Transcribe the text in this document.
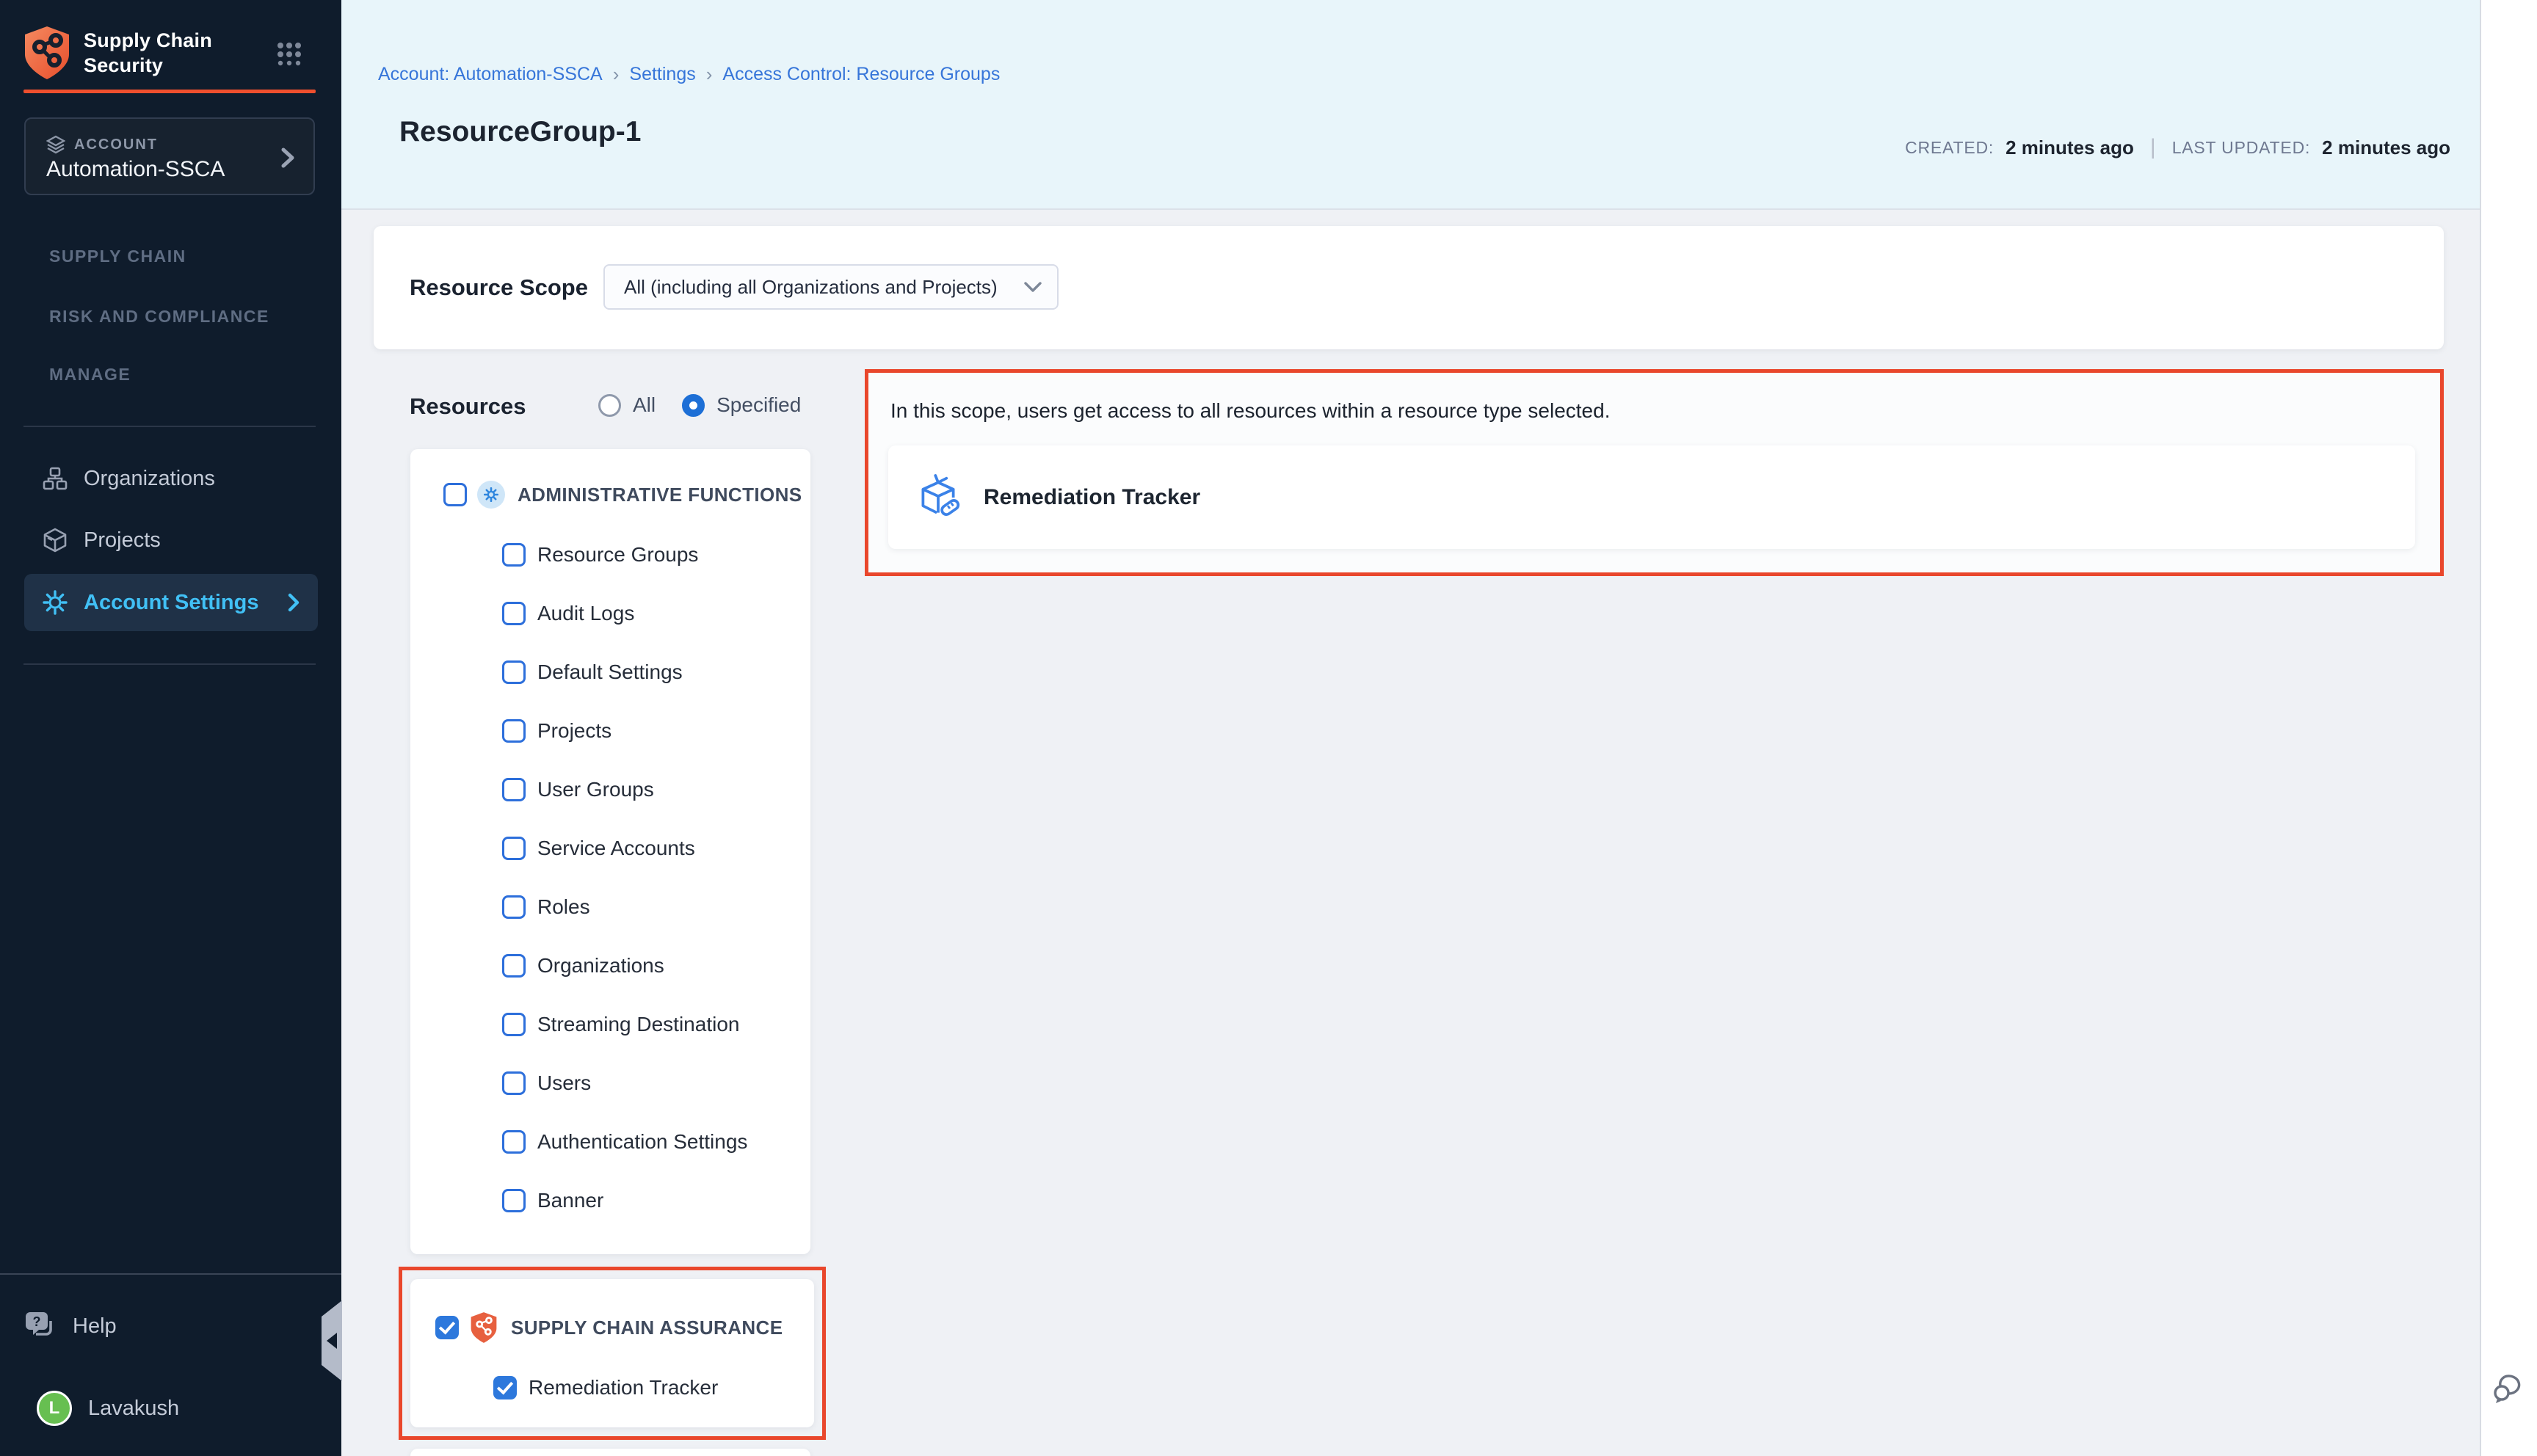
Supply Chain
Security
ACCOUNT
Automation-SSCA
SUPPLY CHAIN
RISK AND COMPLIANCE
MANAGE
Organizations
Projects
Account Settings
? Help
L Lavakush
Account: Automation-SSCA › Settings › Access Control: Resource Groups
ResourceGroup-1	CREATED: 2 minutes ago | LAST UPDATED: 2 minutes ago
Resource Scope All (including all Organizations and Projects)
Resources	All	Specified
ADMINISTRATIVE FUNCTIONS
Resource Groups
Audit Logs
Default Settings
Projects
User Groups
Service Accounts
Roles
Organizations
Streaming Destination
Users
Authentication Settings
Banner
SUPPLY CHAIN ASSURANCE
Remediation Tracker

In this scope, users get access to all resources within a resource type selected.

Remediation Tracker
